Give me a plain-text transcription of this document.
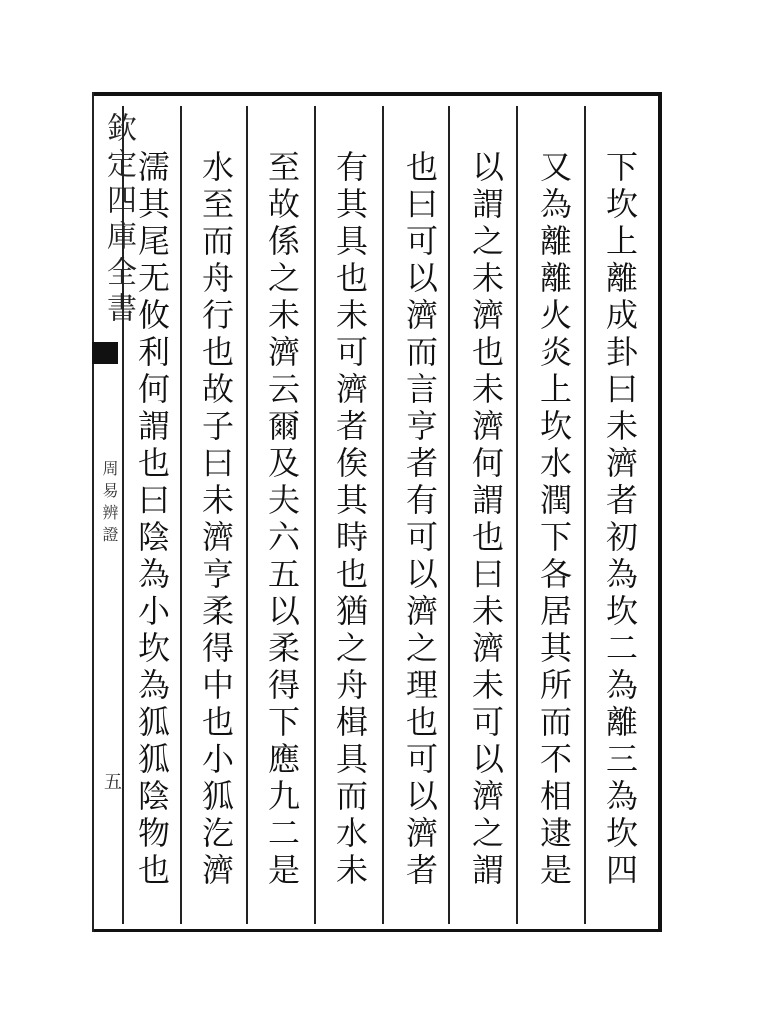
欽定四庫全書
周易辨證
五	下坎上離成卦曰未濟者初為坎二為離三為坎四
又為離離火炎上坎水潤下各居其所而不相逮是
以謂之未濟也未濟何謂也曰未濟未可以濟之謂
也曰可以濟而言亨者有可以濟之理也可以濟者
有其具也未可濟者俟其時也猶之舟楫具而水未
至故係之未濟云爾及夫六五以柔得下應九二是
水至而舟行也故子曰未濟亨柔得中也小狐汔濟
濡其尾无攸利何謂也曰陰為小坎為狐狐陰物也
